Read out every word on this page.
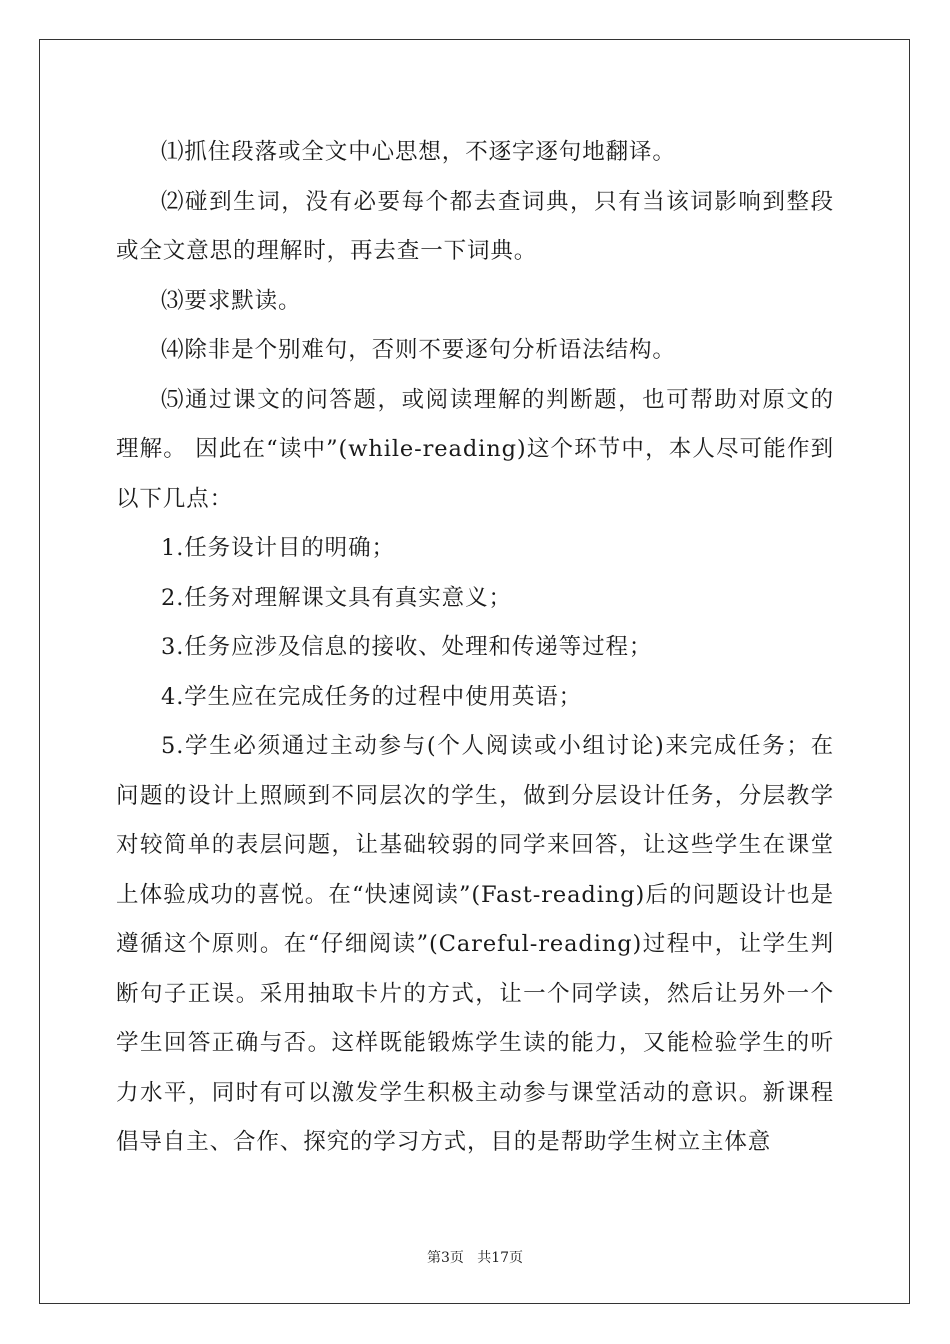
⑴抓住段落或全文中心思想，不逐字逐句地翻译。

⑵碰到生词，没有必要每个都去查词典，只有当该词影响到整段或全文意思的理解时，再去查一下词典。

⑶要求默读。

⑷除非是个别难句，否则不要逐句分析语法结构。

⑸通过课文的问答题，或阅读理解的判断题，也可帮助对原文的理解。 因此在“读中”(while-reading)这个环节中，本人尽可能作到以下几点：

1.任务设计目的明确；

2.任务对理解课文具有真实意义；

3.任务应涉及信息的接收、处理和传递等过程；

4.学生应在完成任务的过程中使用英语；

5.学生必须通过主动参与(个人阅读或小组讨论)来完成任务；在问题的设计上照顾到不同层次的学生，做到分层设计任务，分层教学对较简单的表层问题，让基础较弱的同学来回答，让这些学生在课堂上体验成功的喜悦。在“快速阅读”(Fast-reading)后的问题设计也是遵循这个原则。在“仔细阅读”(Careful-reading)过程中，让学生判断句子正误。采用抽取卡片的方式，让一个同学读，然后让另外一个学生回答正确与否。这样既能锻炼学生读的能力，又能检验学生的听力水平，同时有可以激发学生积极主动参与课堂活动的意识。新课程倡导自主、合作、探究的学习方式，目的是帮助学生树立主体意

第3页   共17页
